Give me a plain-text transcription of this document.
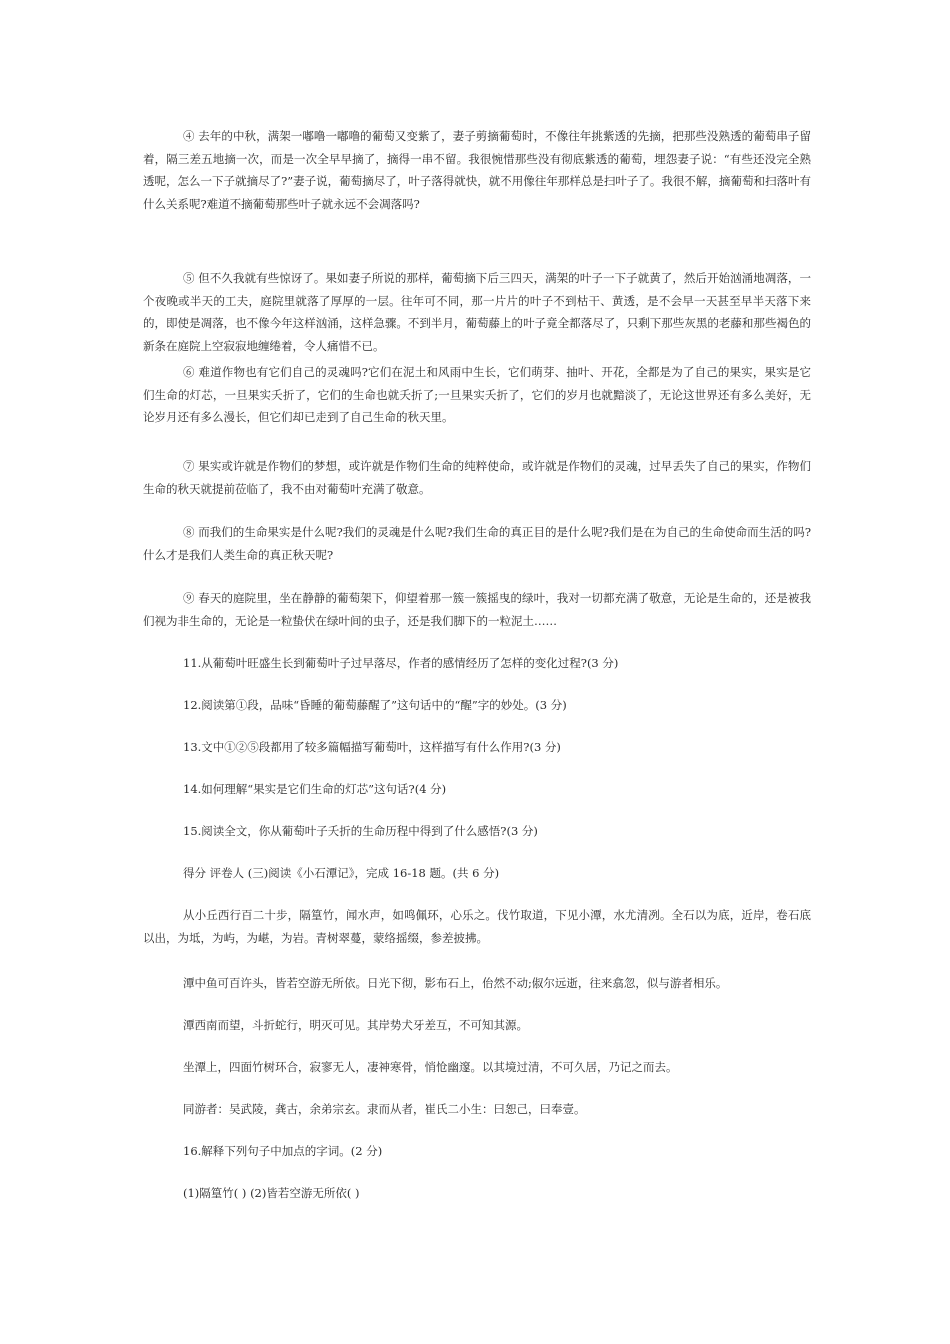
④ 去年的中秋，满架一嘟噜一嘟噜的葡萄又变紫了，妻子剪摘葡萄时，不像往年挑紫透的先摘，把那些没熟透的葡萄串子留着，隔三差五地摘一次，而是一次全早早摘了，摘得一串不留。我很惋惜那些没有彻底紫透的葡萄，埋怨妻子说：“有些还没完全熟透呢，怎么一下子就摘尽了?”妻子说，葡萄摘尽了，叶子落得就快，就不用像往年那样总是扫叶子了。我很不解，摘葡萄和扫落叶有什么关系呢?难道不摘葡萄那些叶子就永远不会凋落吗?

⑤ 但不久我就有些惊讶了。果如妻子所说的那样，葡萄摘下后三四天，满架的叶子一下子就黄了，然后开始汹涌地凋落，一个夜晚或半天的工夫，庭院里就落了厚厚的一层。往年可不同，那一片片的叶子不到枯干、黄透，是不会早一天甚至早半天落下来的，即使是凋落，也不像今年这样汹涌，这样急骤。不到半月，葡萄藤上的叶子竟全都落尽了，只剩下那些灰黑的老藤和那些褐色的新条在庭院上空寂寂地缠绻着，令人痛惜不已。

⑥ 难道作物也有它们自己的灵魂吗?它们在泥土和风雨中生长，它们萌芽、抽叶、开花，全都是为了自己的果实，果实是它们生命的灯芯，一旦果实夭折了，它们的生命也就夭折了;一旦果实夭折了，它们的岁月也就黯淡了，无论这世界还有多么美好，无论岁月还有多么漫长，但它们却已走到了自己生命的秋天里。

⑦ 果实或许就是作物们的梦想，或许就是作物们生命的纯粹使命，或许就是作物们的灵魂，过早丢失了自己的果实，作物们生命的秋天就提前莅临了，我不由对葡萄叶充满了敬意。

⑧ 而我们的生命果实是什么呢?我们的灵魂是什么呢?我们生命的真正目的是什么呢?我们是在为自己的生命使命而生活的吗?什么才是我们人类生命的真正秋天呢?

⑨ 春天的庭院里，坐在静静的葡萄架下，仰望着那一簇一簇摇曳的绿叶，我对一切都充满了敬意，无论是生命的，还是被我们视为非生命的，无论是一粒蛰伏在绿叶间的虫子，还是我们脚下的一粒泥土……

11.从葡萄叶旺盛生长到葡萄叶子过早落尽，作者的感情经历了怎样的变化过程?(3 分)

12.阅读第①段，品味“昏睡的葡萄藤醒了”这句话中的“醒”字的妙处。(3 分)

13.文中①②⑤段都用了较多篇幅描写葡萄叶，这样描写有什么作用?(3 分)

14.如何理解“果实是它们生命的灯芯”这句话?(4 分)

15.阅读全文，你从葡萄叶子夭折的生命历程中得到了什么感悟?(3 分)

得分 评卷人 (三)阅读《小石潭记》，完成 16-18 题。(共 6 分)

从小丘西行百二十步，隔篁竹，闻水声，如鸣佩环，心乐之。伐竹取道，下见小潭，水尤清冽。全石以为底，近岸，卷石底以出，为坻，为屿，为嵁，为岩。青树翠蔓，蒙络摇缀，参差披拂。

潭中鱼可百许头，皆若空游无所依。日光下彻，影布石上，佁然不动;俶尔远逝，往来翕忽，似与游者相乐。

潭西南而望，斗折蛇行，明灭可见。其岸势犬牙差互，不可知其源。

坐潭上，四面竹树环合，寂寥无人，凄神寒骨，悄怆幽邃。以其境过清，不可久居，乃记之而去。

同游者：吴武陵，龚古，余弟宗玄。隶而从者，崔氏二小生：曰恕己，曰奉壹。

16.解释下列句子中加点的字词。(2 分)

(1)隔篁竹( ) (2)皆若空游无所依( )
